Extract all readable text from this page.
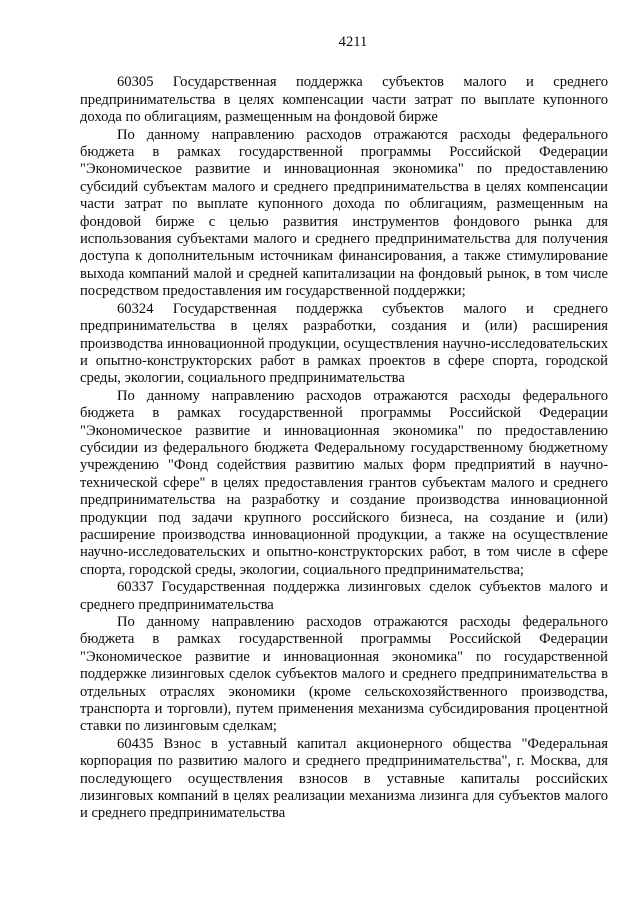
4211

60305 Государственная поддержка субъектов малого и среднего предпринимательства в целях компенсации части затрат по выплате купонного дохода по облигациям, размещенным на фондовой бирже

По данному направлению расходов отражаются расходы федерального бюджета в рамках государственной программы Российской Федерации "Экономическое развитие и инновационная экономика" по предоставлению субсидий субъектам малого и среднего предпринимательства в целях компенсации части затрат по выплате купонного дохода по облигациям, размещенным на фондовой бирже с целью развития инструментов фондового рынка для использования субъектами малого и среднего предпринимательства для получения доступа к дополнительным источникам финансирования, а также стимулирование выхода компаний малой и средней капитализации на фондовый рынок, в том числе посредством предоставления им государственной поддержки;

60324 Государственная поддержка субъектов малого и среднего предпринимательства в целях разработки, создания и (или) расширения производства инновационной продукции, осуществления научно-исследовательских и опытно-конструкторских работ в рамках проектов в сфере спорта, городской среды, экологии, социального предпринимательства

По данному направлению расходов отражаются расходы федерального бюджета в рамках государственной программы Российской Федерации "Экономическое развитие и инновационная экономика" по предоставлению субсидии из федерального бюджета Федеральному государственному бюджетному учреждению "Фонд содействия развитию малых форм предприятий в научно-технической сфере" в целях предоставления грантов субъектам малого и среднего предпринимательства на разработку и создание производства инновационной продукции под задачи крупного российского бизнеса, на создание и (или) расширение производства инновационной продукции, а также на осуществление научно-исследовательских и опытно-конструкторских работ, в том числе в сфере спорта, городской среды, экологии, социального предпринимательства;

60337 Государственная поддержка лизинговых сделок субъектов малого и среднего предпринимательства

По данному направлению расходов отражаются расходы федерального бюджета в рамках государственной программы Российской Федерации "Экономическое развитие и инновационная экономика" по государственной поддержке лизинговых сделок субъектов малого и среднего предпринимательства в отдельных отраслях экономики (кроме сельскохозяйственного производства, транспорта и торговли), путем применения механизма субсидирования процентной ставки по лизинговым сделкам;

60435 Взнос в уставный капитал акционерного общества "Федеральная корпорация по развитию малого и среднего предпринимательства", г. Москва, для последующего осуществления взносов в уставные капиталы российских лизинговых компаний в целях реализации механизма лизинга для субъектов малого и среднего предпринимательства
